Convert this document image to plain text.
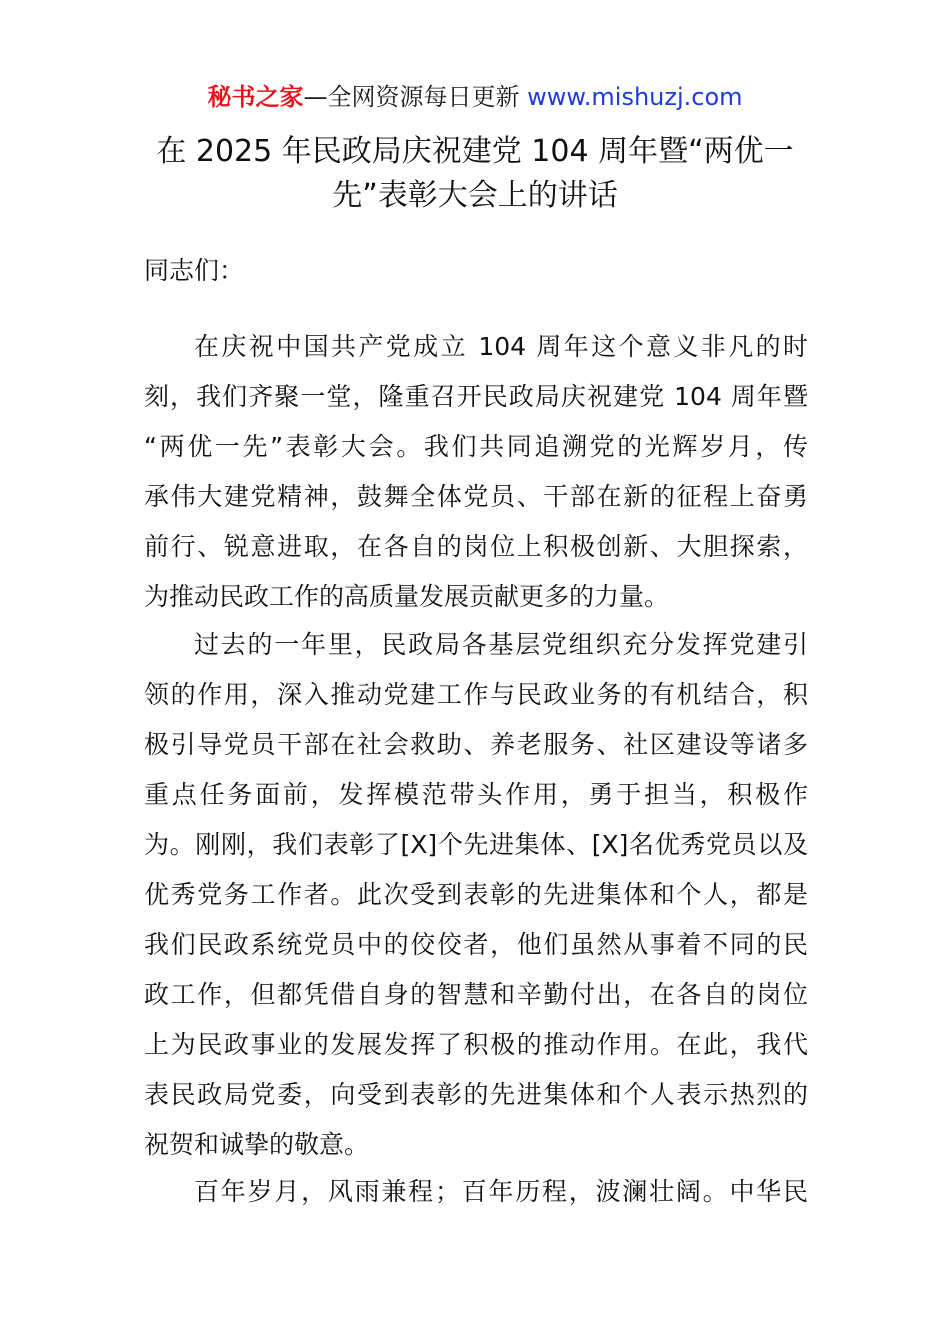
秘书之家—全网资源每日更新 www.mishuzj.com
在 2025 年民政局庆祝建党 104 周年暨“两优一
先”表彰大会上的讲话
同志们：
在庆祝中国共产党成立 104 周年这个意义非凡的时
刻，我们齐聚一堂，隆重召开民政局庆祝建党 104 周年暨
“两优一先”表彰大会。我们共同追溯党的光辉岁月，传
承伟大建党精神，鼓舞全体党员、干部在新的征程上奋勇
前行、锐意进取，在各自的岗位上积极创新、大胆探索，
为推动民政工作的高质量发展贡献更多的力量。
过去的一年里，民政局各基层党组织充分发挥党建引
领的作用，深入推动党建工作与民政业务的有机结合，积
极引导党员干部在社会救助、养老服务、社区建设等诸多
重点任务面前，发挥模范带头作用，勇于担当，积极作
为。刚刚，我们表彰了[X]个先进集体、[X]名优秀党员以及
优秀党务工作者。此次受到表彰的先进集体和个人，都是
我们民政系统党员中的佼佼者，他们虽然从事着不同的民
政工作，但都凭借自身的智慧和辛勤付出，在各自的岗位
上为民政事业的发展发挥了积极的推动作用。在此，我代
表民政局党委，向受到表彰的先进集体和个人表示热烈的
祝贺和诚挚的敬意。
百年岁月，风雨兼程；百年历程，波澜壮阔。中华民
